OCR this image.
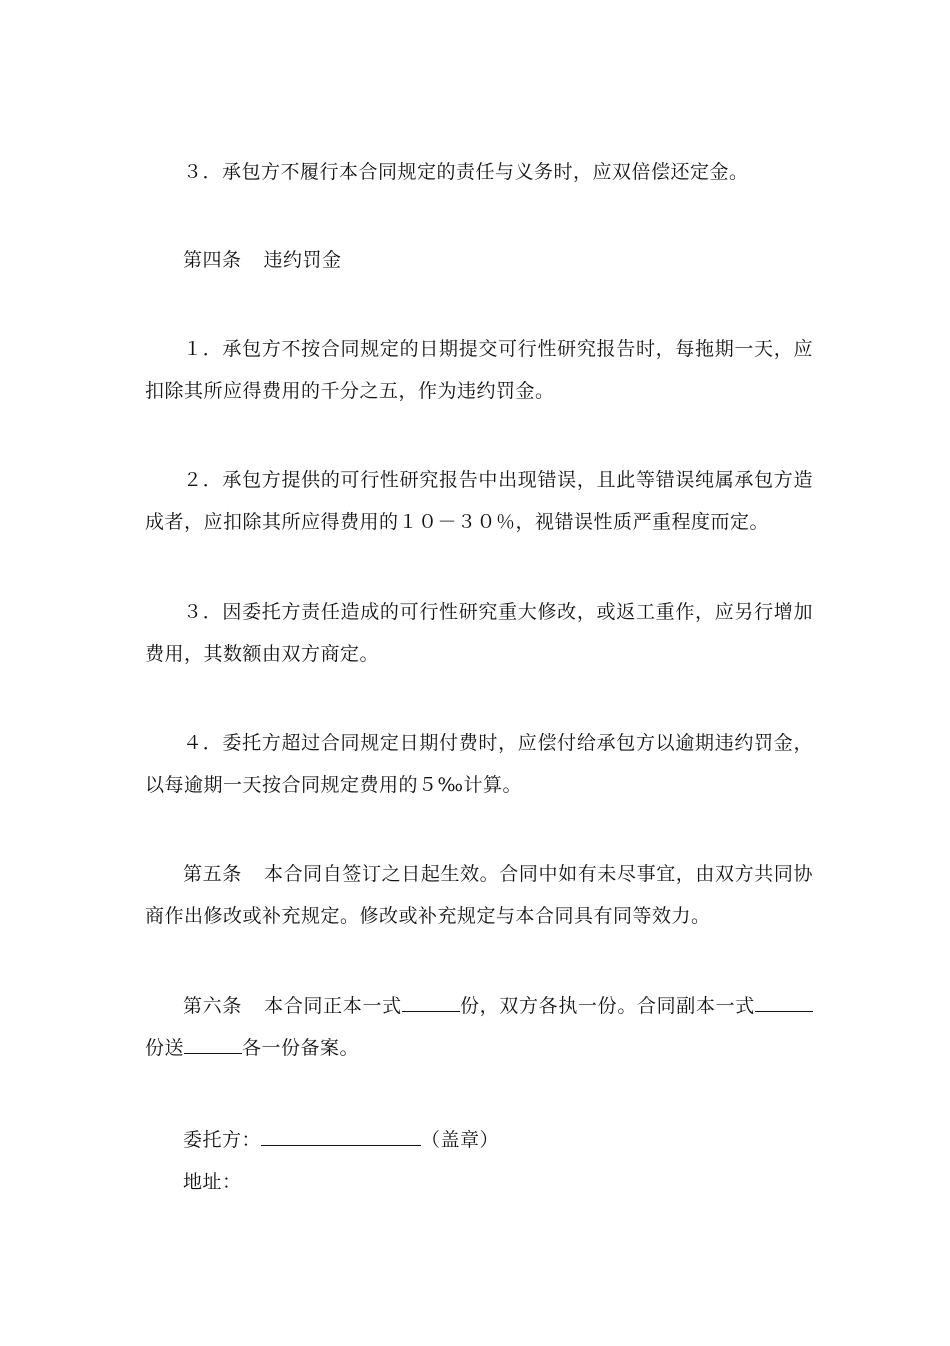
３．承包方不履行本合同规定的责任与义务时，应双倍偿还定金。

第四条 违约罚金

１．承包方不按合同规定的日期提交可行性研究报告时，每拖期一天，应扣除其所应得费用的千分之五，作为违约罚金。

２．承包方提供的可行性研究报告中出现错误，且此等错误纯属承包方造成者，应扣除其所应得费用的１０－３０％，视错误性质严重程度而定。

３．因委托方责任造成的可行性研究重大修改，或返工重作，应另行增加费用，其数额由双方商定。

４．委托方超过合同规定日期付费时，应偿付给承包方以逾期违约罚金，以每逾期一天按合同规定费用的５‰计算。

第五条 本合同自签订之日起生效。合同中如有未尽事宜，由双方共同协商作出修改或补充规定。修改或补充规定与本合同具有同等效力。

第六条 本合同正本一式	份，双方各执一份。合同副本一式份送	各一份备案。

委托方：	（盖章）

地址：
